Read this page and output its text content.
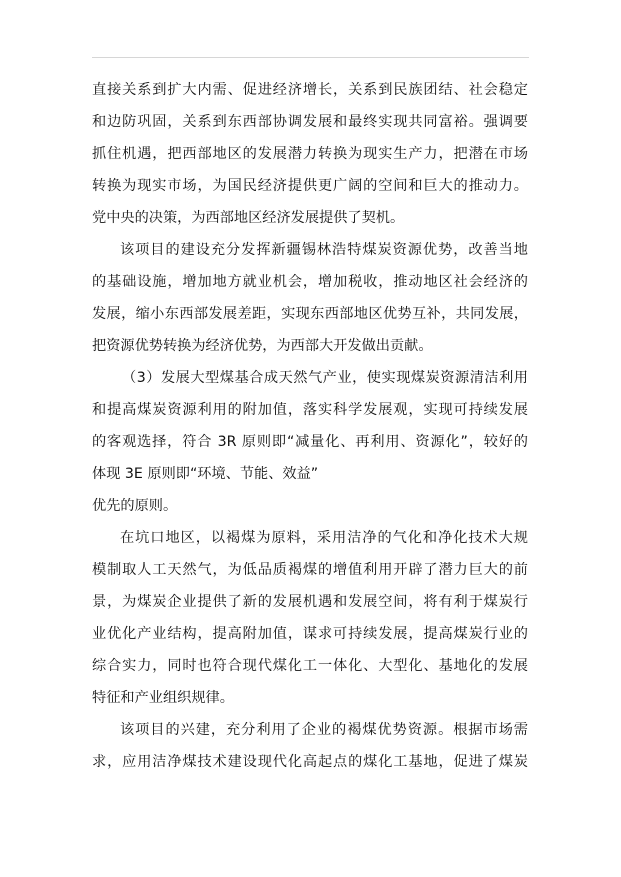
直接关系到扩大内需、促进经济增长，关系到民族团结、社会稳定
和边防巩固，关系到东西部协调发展和最终实现共同富裕。强调要
抓住机遇，把西部地区的发展潜力转换为现实生产力，把潜在市场
转换为现实市场，为国民经济提供更广阔的空间和巨大的推动力。
党中央的决策，为西部地区经济发展提供了契机。
该项目的建设充分发挥新疆锡林浩特煤炭资源优势，改善当地
的基础设施，增加地方就业机会，增加税收，推动地区社会经济的
发展，缩小东西部发展差距，实现东西部地区优势互补，共同发展，
把资源优势转换为经济优势，为西部大开发做出贡献。
（3）发展大型煤基合成天然气产业，使实现煤炭资源清洁利用
和提高煤炭资源利用的附加值，落实科学发展观，实现可持续发展
的客观选择，符合 3R 原则即“减量化、再利用、资源化”，较好的
体现 3E 原则即“环境、节能、效益”
优先的原则。
在坑口地区，以褐煤为原料，采用洁净的气化和净化技术大规
模制取人工天然气，为低品质褐煤的增值利用开辟了潜力巨大的前
景，为煤炭企业提供了新的发展机遇和发展空间，将有利于煤炭行
业优化产业结构，提高附加值，谋求可持续发展，提高煤炭行业的
综合实力，同时也符合现代煤化工一体化、大型化、基地化的发展
特征和产业组织规律。
该项目的兴建，充分利用了企业的褐煤优势资源。根据市场需
求，应用洁净煤技术建设现代化高起点的煤化工基地，促进了煤炭
